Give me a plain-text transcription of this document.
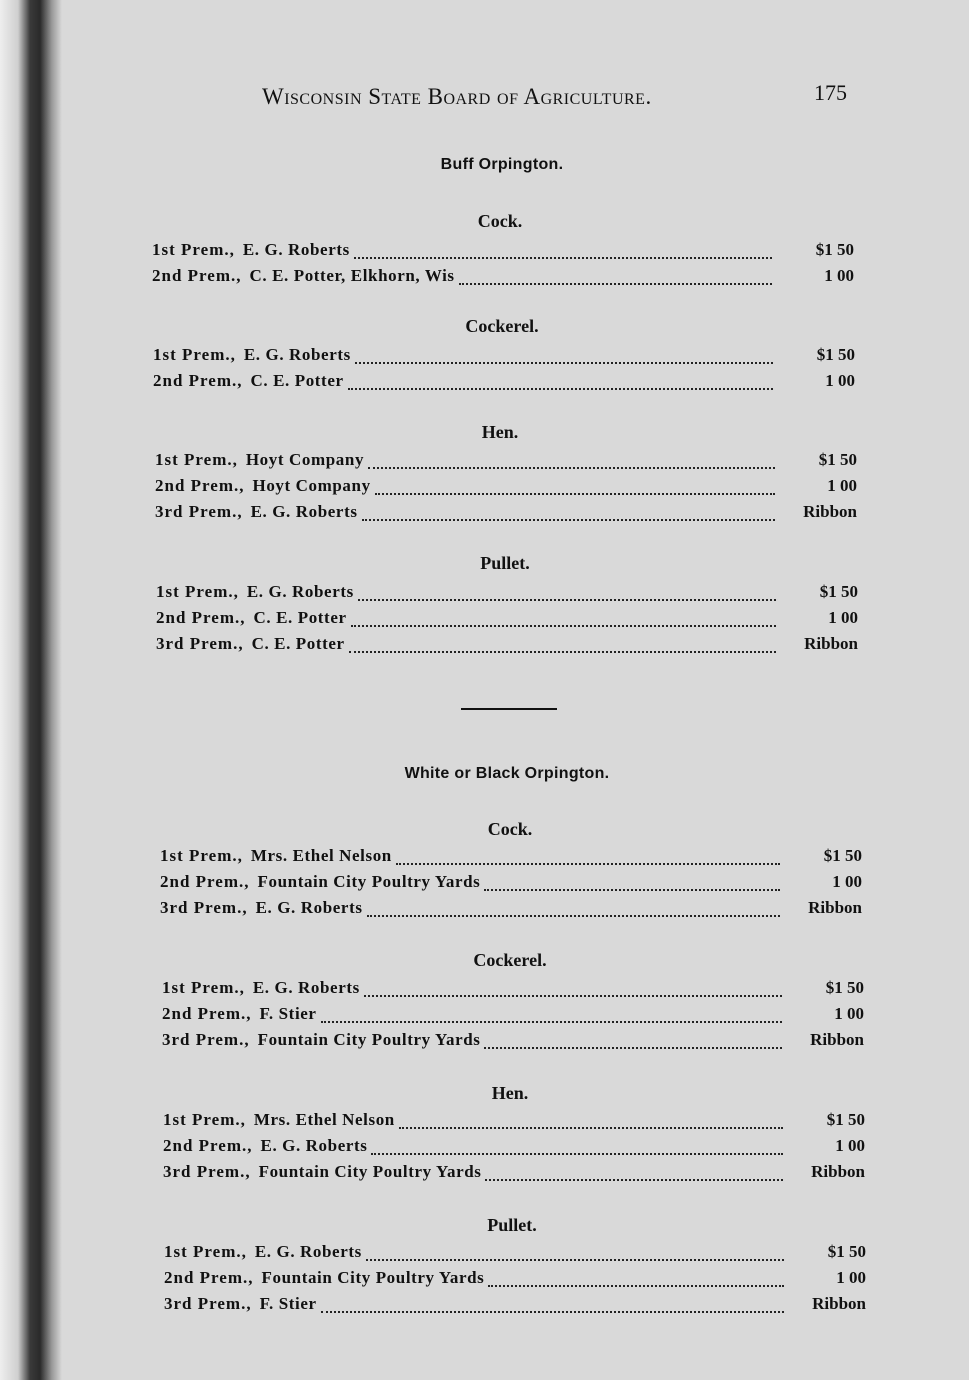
Wisconsin State Board of Agriculture.	175
Buff Orpington.
Cock.
1st Prem., E. G. Roberts	$1 50
2nd Prem., C. E. Potter, Elkhorn, Wis	1 00
Cockerel.
1st Prem., E. G. Roberts	$1 50
2nd Prem., C. E. Potter	1 00
Hen.
1st Prem., Hoyt Company	$1 50
2nd Prem., Hoyt Company	1 00
3rd Prem., E. G. Roberts	Ribbon
Pullet.
1st Prem., E. G. Roberts	$1 50
2nd Prem., C. E. Potter	1 00
3rd Prem., C. E. Potter	Ribbon
White or Black Orpington.
Cock.
1st Prem., Mrs. Ethel Nelson	$1 50
2nd Prem., Fountain City Poultry Yards	1 00
3rd Prem., E. G. Roberts	Ribbon
Cockerel.
1st Prem., E. G. Roberts	$1 50
2nd Prem., F. Stier	1 00
3rd Prem., Fountain City Poultry Yards	Ribbon
Hen.
1st Prem., Mrs. Ethel Nelson	$1 50
2nd Prem., E. G. Roberts	1 00
3rd Prem., Fountain City Poultry Yards	Ribbon
Pullet.
1st Prem., E. G. Roberts	$1 50
2nd Prem., Fountain City Poultry Yards	1 00
3rd Prem., F. Stier	Ribbon
